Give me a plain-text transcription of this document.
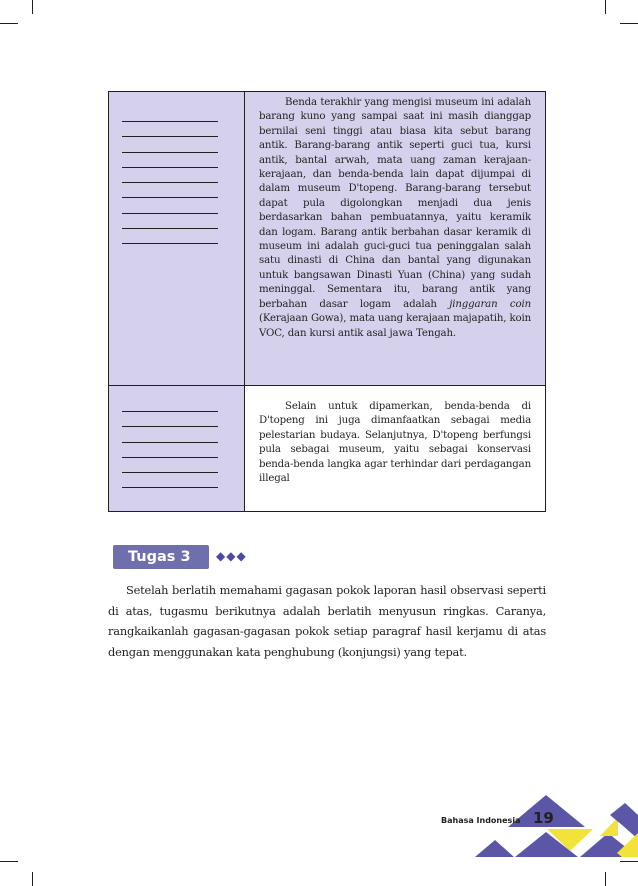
Benda terakhir yang mengisi museum ini adalah barang kuno yang sampai saat ini masih dianggap bernilai seni tinggi atau biasa kita sebut barang antik. Barang-barang antik seperti guci tua, kursi antik, bantal arwah, mata uang zaman kerajaan-kerajaan, dan benda-benda lain dapat dijumpai di dalam museum D'topeng. Barang-barang tersebut dapat pula digolongkan menjadi dua jenis berdasarkan bahan pembuatannya, yaitu keramik dan logam. Barang antik berbahan dasar keramik di museum ini adalah guci-guci tua peninggalan salah satu dinasti di China dan bantal yang digunakan untuk bangsawan Dinasti Yuan (China) yang sudah meninggal. Sementara itu, barang antik yang berbahan dasar logam adalah jinggaran coin (Kerajaan Gowa), mata uang kerajaan majapatih, koin VOC, dan kursi antik asal jawa Tengah.

Selain untuk dipamerkan, benda-benda di D'topeng ini juga dimanfaatkan sebagai media pelestarian budaya. Selanjutnya, D'topeng berfungsi pula sebagai museum, yaitu sebagai konservasi benda-benda langka agar terhindar dari perdagangan illegal

Tugas 3 ◆◆◆

Setelah berlatih memahami gagasan pokok laporan hasil observasi seperti di atas, tugasmu berikutnya adalah berlatih menyusun ringkas. Caranya, rangkaikanlah gagasan-gagasan pokok setiap paragraf hasil kerjamu di atas dengan menggunakan kata penghubung (konjungsi) yang tepat.

Bahasa Indonesia 19
